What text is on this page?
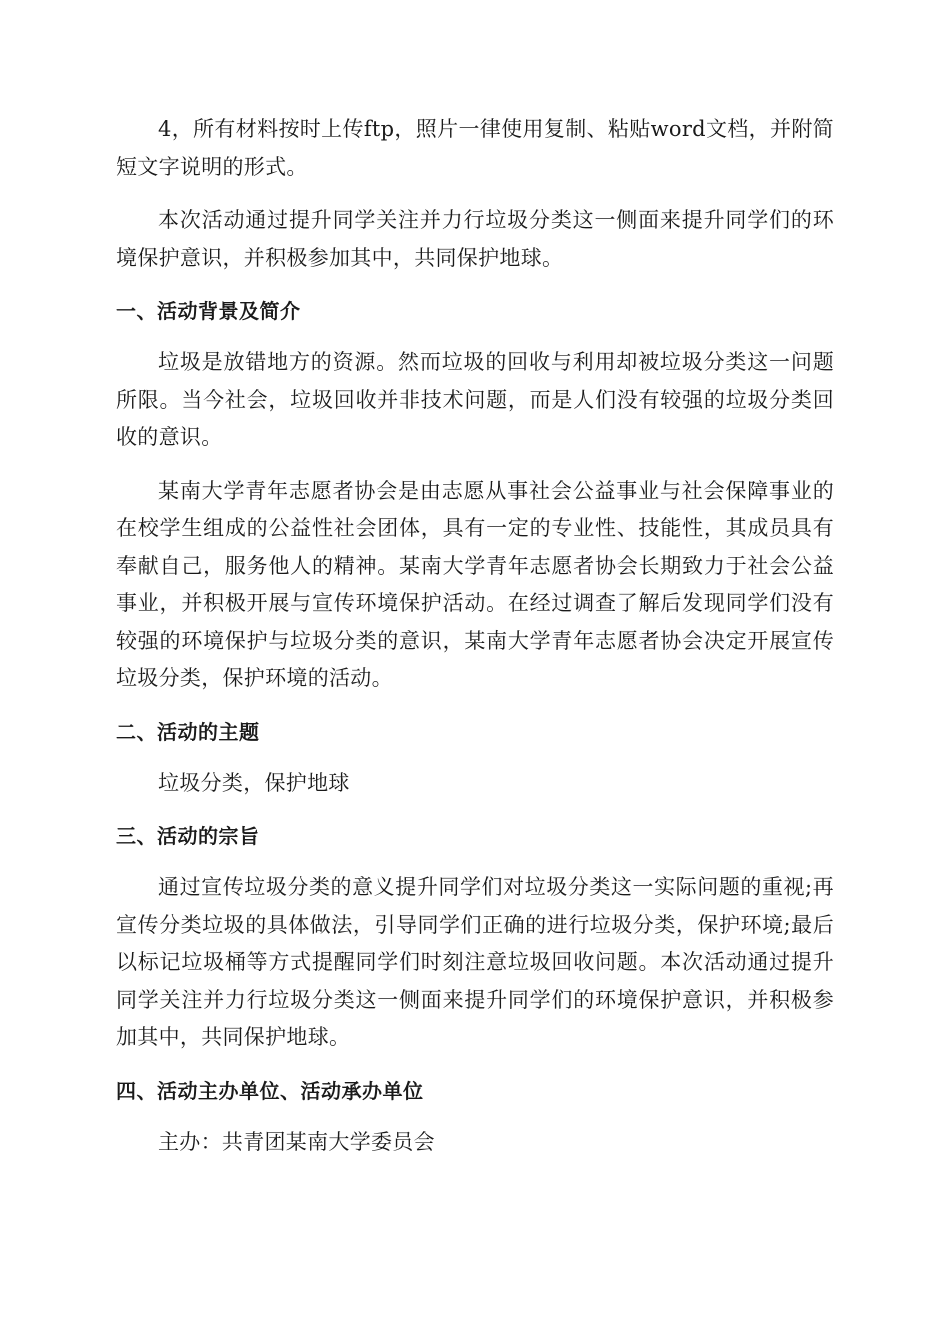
4，所有材料按时上传ftp，照片一律使用复制、粘贴word文档，并附简短文字说明的形式。

本次活动通过提升同学关注并力行垃圾分类这一侧面来提升同学们的环境保护意识，并积极参加其中，共同保护地球。

一、活动背景及简介

垃圾是放错地方的资源。然而垃圾的回收与利用却被垃圾分类这一问题所限。当今社会，垃圾回收并非技术问题，而是人们没有较强的垃圾分类回收的意识。

某南大学青年志愿者协会是由志愿从事社会公益事业与社会保障事业的在校学生组成的公益性社会团体，具有一定的专业性、技能性，其成员具有奉献自己，服务他人的精神。某南大学青年志愿者协会长期致力于社会公益事业，并积极开展与宣传环境保护活动。在经过调查了解后发现同学们没有较强的环境保护与垃圾分类的意识，某南大学青年志愿者协会决定开展宣传垃圾分类，保护环境的活动。

二、活动的主题

垃圾分类，保护地球

三、活动的宗旨

通过宣传垃圾分类的意义提升同学们对垃圾分类这一实际问题的重视;再宣传分类垃圾的具体做法，引导同学们正确的进行垃圾分类，保护环境;最后以标记垃圾桶等方式提醒同学们时刻注意垃圾回收问题。本次活动通过提升同学关注并力行垃圾分类这一侧面来提升同学们的环境保护意识，并积极参加其中，共同保护地球。

四、活动主办单位、活动承办单位

主办：共青团某南大学委员会
